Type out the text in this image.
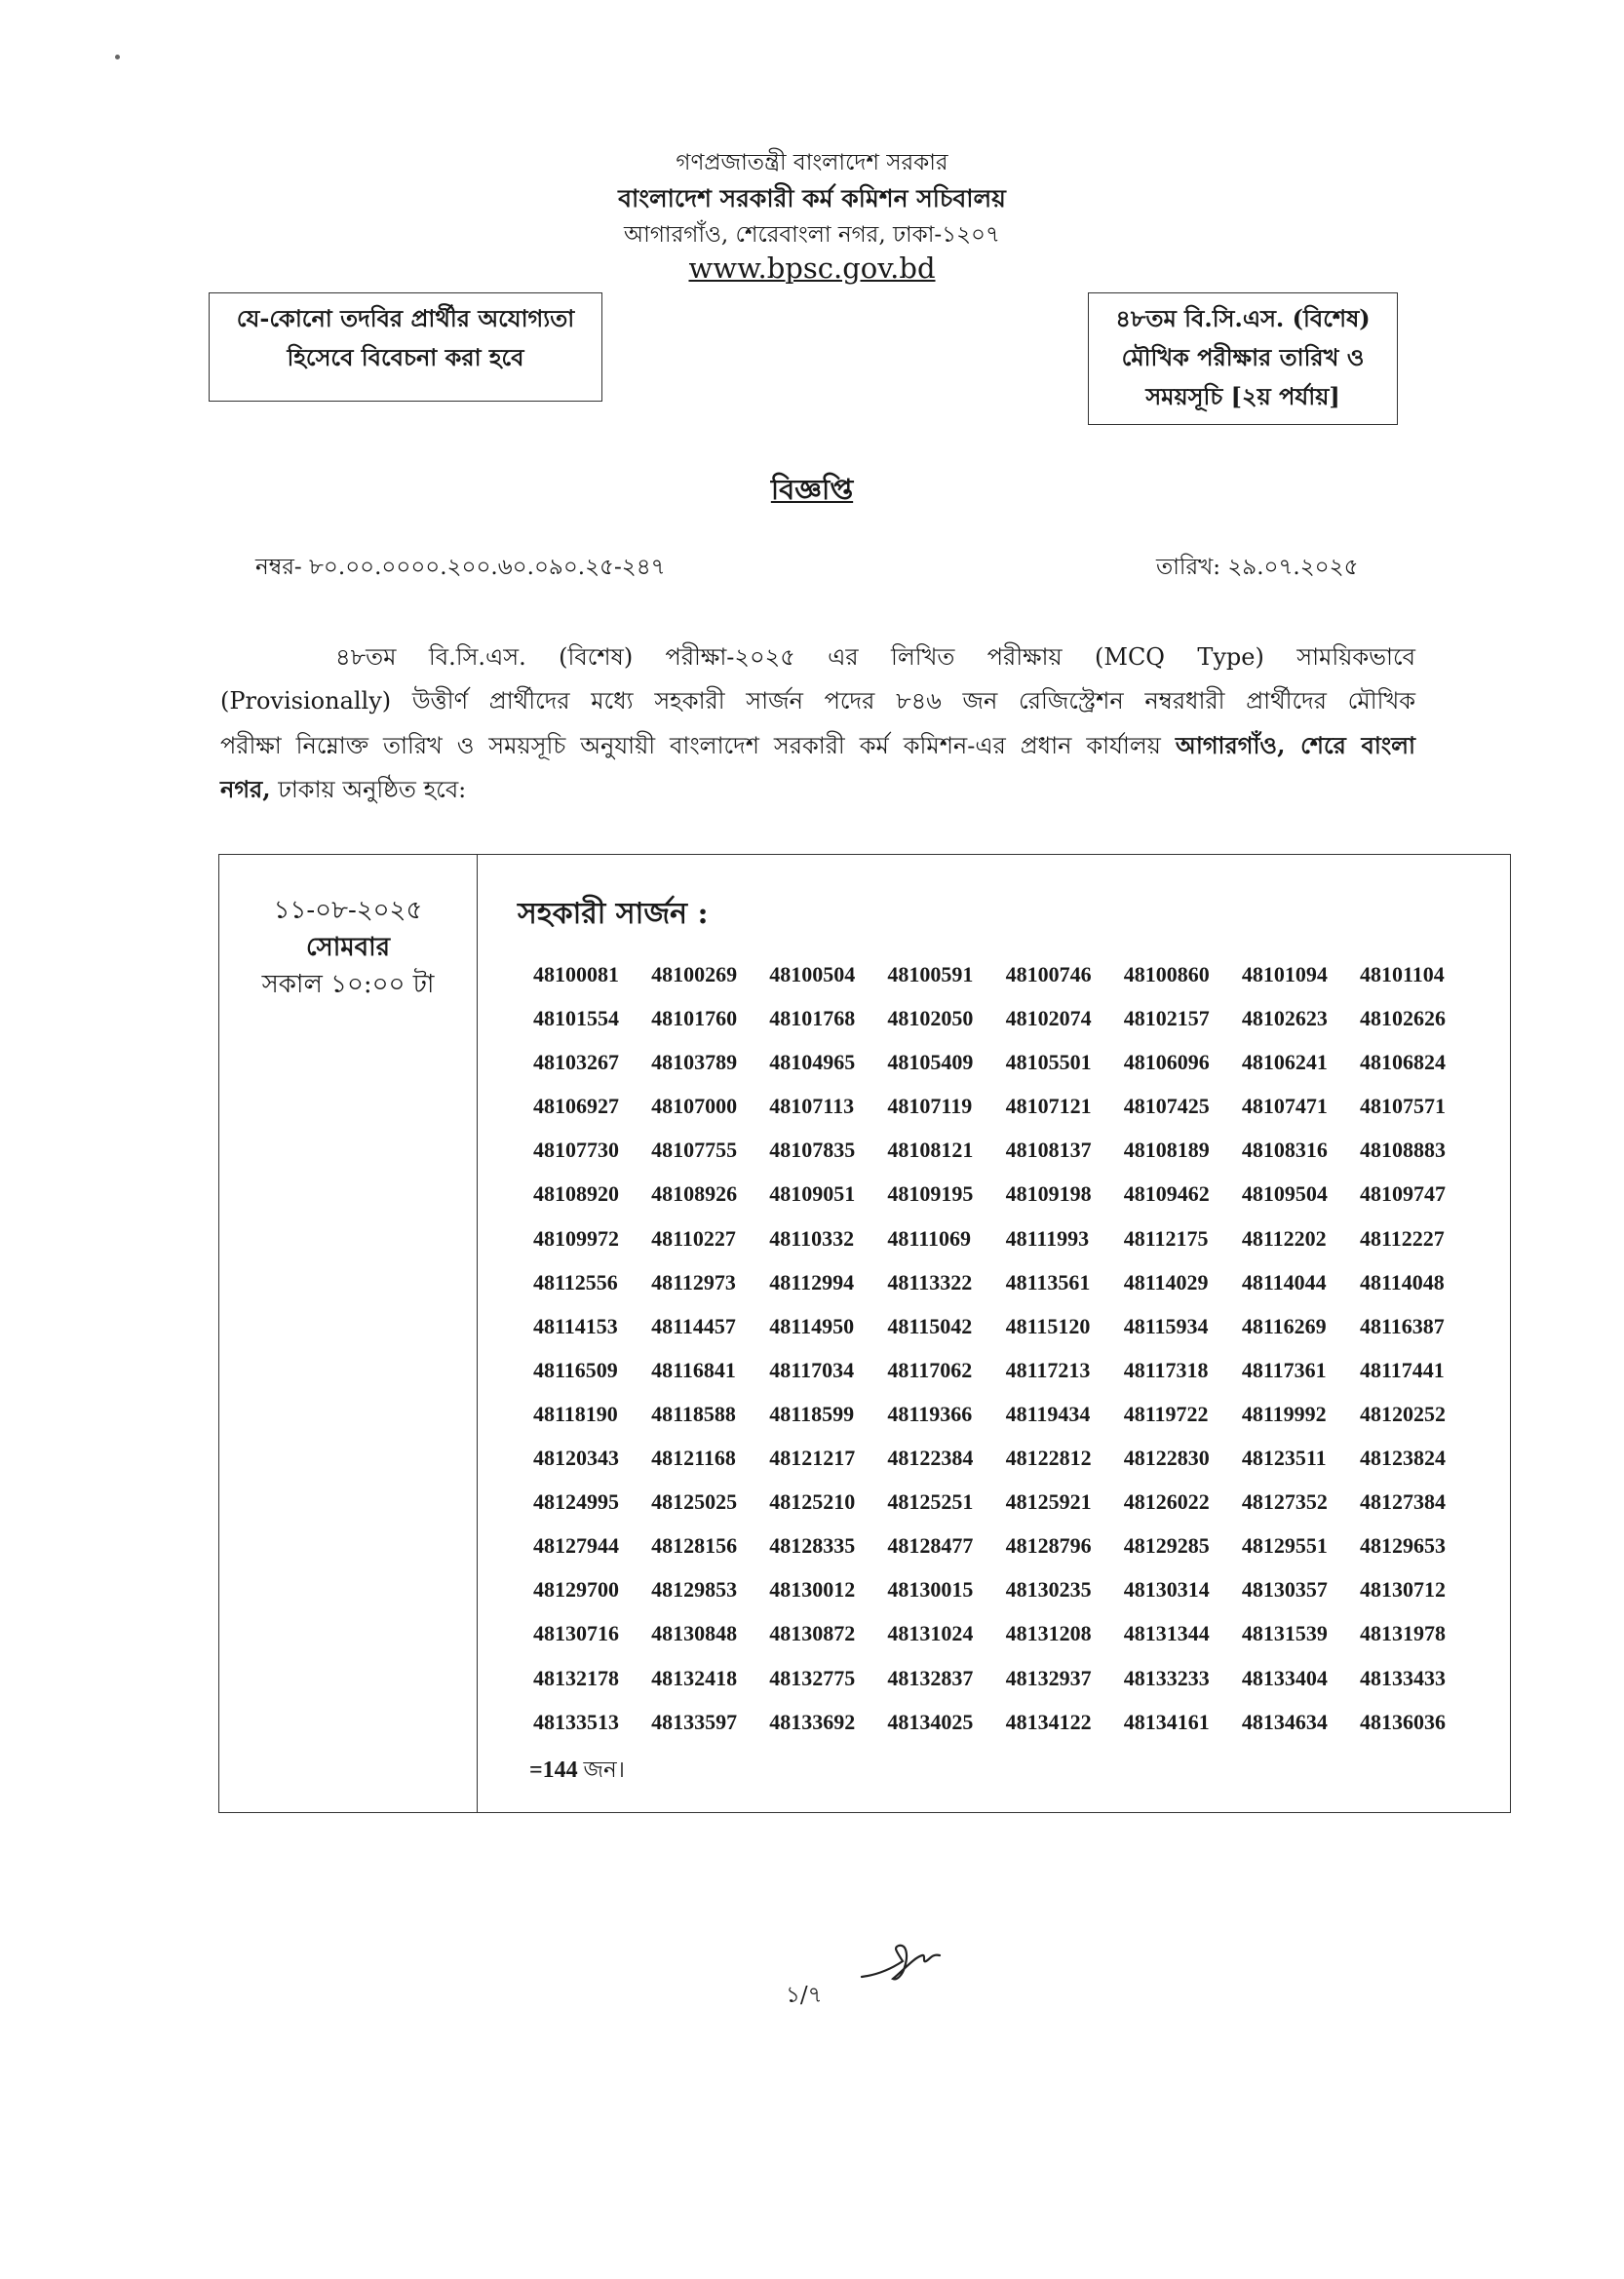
গণপ্রজাতন্ত্রী বাংলাদেশ সরকার
বাংলাদেশ সরকারী কর্ম কমিশন সচিবালয়
আগারগাঁও, শেরেবাংলা নগর, ঢাকা-১২০৭
www.bpsc.gov.bd
যে-কোনো তদবির প্রার্থীর অযোগ্যতা
হিসেবে বিবেচনা করা হবে
৪৮তম বি.সি.এস. (বিশেষ)
মৌখিক পরীক্ষার তারিখ ও
সময়সূচি [২য় পর্যায়]
বিজ্ঞপ্তি
নম্বর- ৮০.০০.০০০০.২০০.৬০.০৯০.২৫-২৪৭	তারিখ: ২৯.০৭.২০২৫
৪৮তম বি.সি.এস. (বিশেষ) পরীক্ষা-২০২৫ এর লিখিত পরীক্ষায় (MCQ Type) সাময়িকভাবে
(Provisionally) উত্তীর্ণ প্রার্থীদের মধ্যে সহকারী সার্জন পদের ৮৪৬ জন রেজিস্ট্রেশন নম্বরধারী প্রার্থীদের মৌখিক
পরীক্ষা নিম্নোক্ত তারিখ ও সময়সূচি অনুযায়ী বাংলাদেশ সরকারী কর্ম কমিশন-এর প্রধান কার্যালয় আগারগাঁও, শেরে বাংলা
নগর, ঢাকায় অনুষ্ঠিত হবে:
১১-০৮-২০২৫
সোমবার
সকাল ১০:০০ টা
সহকারী সার্জন :
48100081	48100269	48100504	48100591	48100746	48100860	48101094	48101104
48101554	48101760	48101768	48102050	48102074	48102157	48102623	48102626
48103267	48103789	48104965	48105409	48105501	48106096	48106241	48106824
48106927	48107000	48107113	48107119	48107121	48107425	48107471	48107571
48107730	48107755	48107835	48108121	48108137	48108189	48108316	48108883
48108920	48108926	48109051	48109195	48109198	48109462	48109504	48109747
48109972	48110227	48110332	48111069	48111993	48112175	48112202	48112227
48112556	48112973	48112994	48113322	48113561	48114029	48114044	48114048
48114153	48114457	48114950	48115042	48115120	48115934	48116269	48116387
48116509	48116841	48117034	48117062	48117213	48117318	48117361	48117441
48118190	48118588	48118599	48119366	48119434	48119722	48119992	48120252
48120343	48121168	48121217	48122384	48122812	48122830	48123511	48123824
48124995	48125025	48125210	48125251	48125921	48126022	48127352	48127384
48127944	48128156	48128335	48128477	48128796	48129285	48129551	48129653
48129700	48129853	48130012	48130015	48130235	48130314	48130357	48130712
48130716	48130848	48130872	48131024	48131208	48131344	48131539	48131978
48132178	48132418	48132775	48132837	48132937	48133233	48133404	48133433
48133513	48133597	48133692	48134025	48134122	48134161	48134634	48136036
=144 জন।
১/৭
